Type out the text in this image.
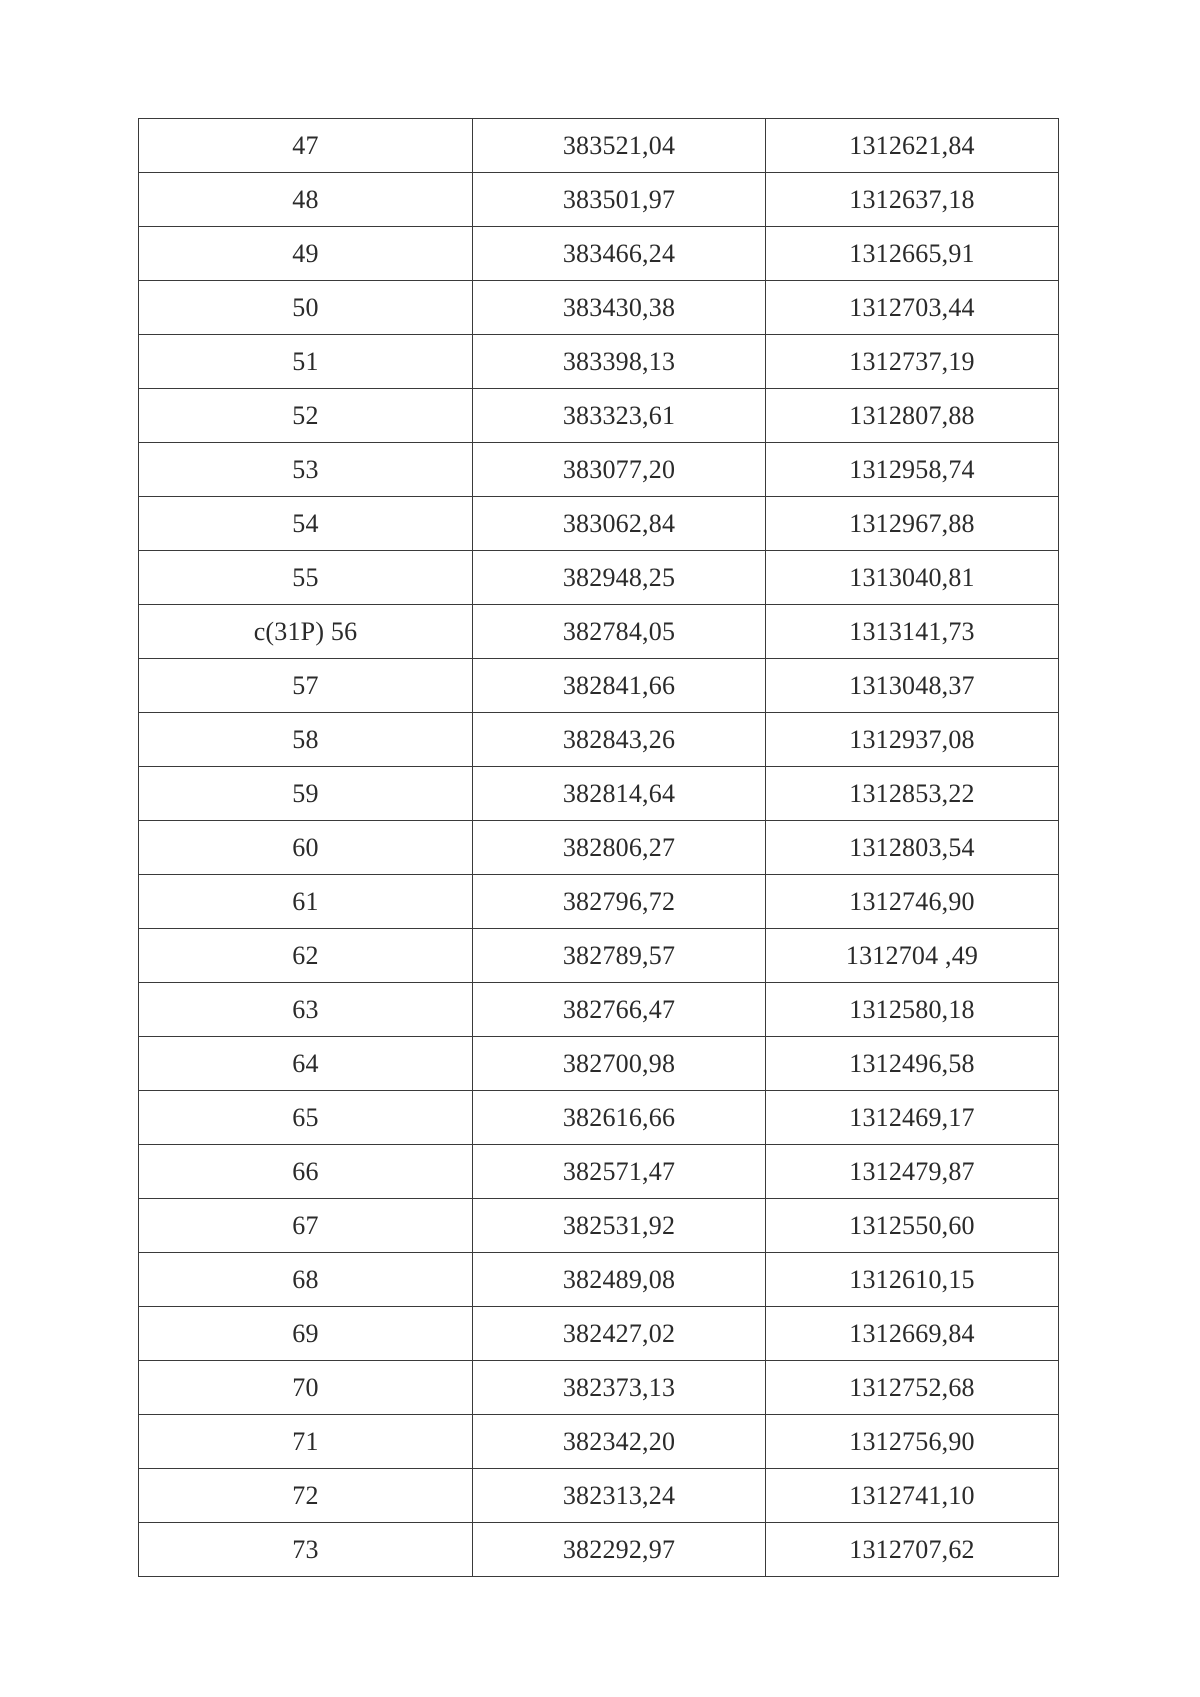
47	383521,04	1312621,84
48	383501,97	1312637,18
49	383466,24	1312665,91
50	383430,38	1312703,44
51	383398,13	1312737,19
52	383323,61	1312807,88
53	383077,20	1312958,74
54	383062,84	1312967,88
55	382948,25	1313040,81
с(31Р) 56	382784,05	1313141,73
57	382841,66	1313048,37
58	382843,26	1312937,08
59	382814,64	1312853,22
60	382806,27	1312803,54
61	382796,72	1312746,90
62	382789,57	1312704 ,49
63	382766,47	1312580,18
64	382700,98	1312496,58
65	382616,66	1312469,17
66	382571,47	1312479,87
67	382531,92	1312550,60
68	382489,08	1312610,15
69	382427,02	1312669,84
70	382373,13	1312752,68
71	382342,20	1312756,90
72	382313,24	1312741,10
73	382292,97	1312707,62
